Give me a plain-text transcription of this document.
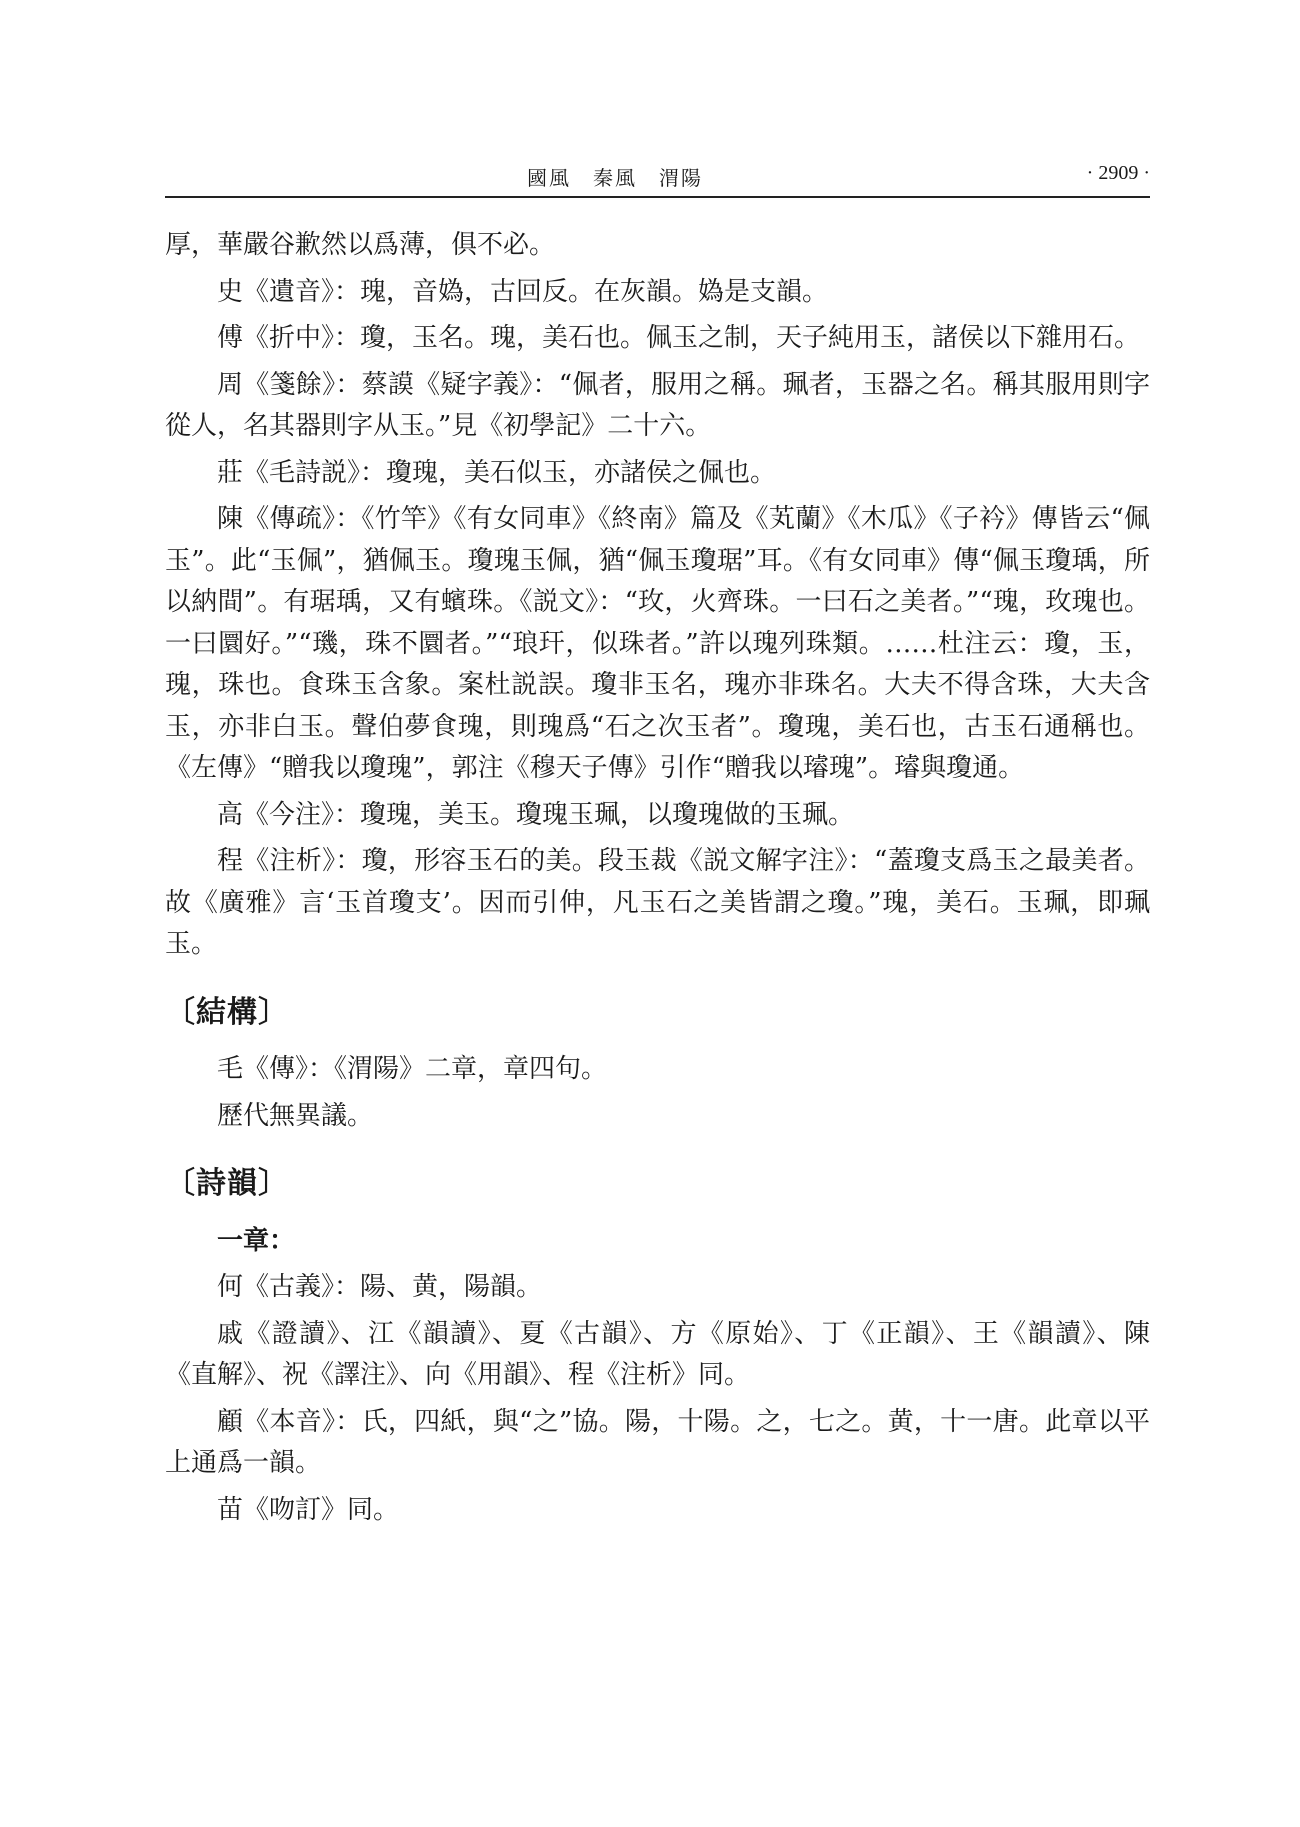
國風　秦風　渭陽	· 2909 ·

厚，華嚴谷歉然以爲薄，俱不必。

史《遺音》：瑰，音媯，古回反。在灰韻。媯是支韻。

傅《折中》：瓊，玉名。瑰，美石也。佩玉之制，天子純用玉，諸侯以下雜用石。

周《箋餘》：蔡謨《疑字義》：“佩者，服用之稱。珮者，玉器之名。稱其服用則字從人，名其器則字从玉。”見《初學記》二十六。

莊《毛詩説》：瓊瑰，美石似玉，亦諸侯之佩也。

陳《傳疏》：《竹竿》《有女同車》《終南》篇及《芄蘭》《木瓜》《子衿》傳皆云“佩玉”。此“玉佩”，猶佩玉。瓊瑰玉佩，猶“佩玉瓊琚”耳。《有女同車》傳“佩玉瓊瑀，所以納間”。有琚瑀，又有蠙珠。《説文》：“玫，火齊珠。一曰石之美者。”“瑰，玫瑰也。一曰圜好。”“璣，珠不圜者。”“琅玕，似珠者。”許以瑰列珠類。……杜注云：瓊，玉，瑰，珠也。食珠玉含象。案杜説誤。瓊非玉名，瑰亦非珠名。大夫不得含珠，大夫含玉，亦非白玉。聲伯夢食瑰，則瑰爲“石之次玉者”。瓊瑰，美石也，古玉石通稱也。《左傳》“贈我以瓊瑰”，郭注《穆天子傳》引作“贈我以璿瑰”。璿與瓊通。

高《今注》：瓊瑰，美玉。瓊瑰玉珮，以瓊瑰做的玉珮。

程《注析》：瓊，形容玉石的美。段玉裁《説文解字注》：“蓋瓊支爲玉之最美者。故《廣雅》言‘玉首瓊支’。因而引伸，凡玉石之美皆謂之瓊。”瑰，美石。玉珮，即珮玉。

〔結構〕

毛《傳》：《渭陽》二章，章四句。

歷代無異議。

〔詩韻〕

一章：

何《古義》：陽、黄，陽韻。

戚《證讀》、江《韻讀》、夏《古韻》、方《原始》、丁《正韻》、王《韻讀》、陳《直解》、祝《譯注》、向《用韻》、程《注析》同。

顧《本音》：氏，四紙，與“之”協。陽，十陽。之，七之。黄，十一唐。此章以平上通爲一韻。

苗《吻訂》同。
